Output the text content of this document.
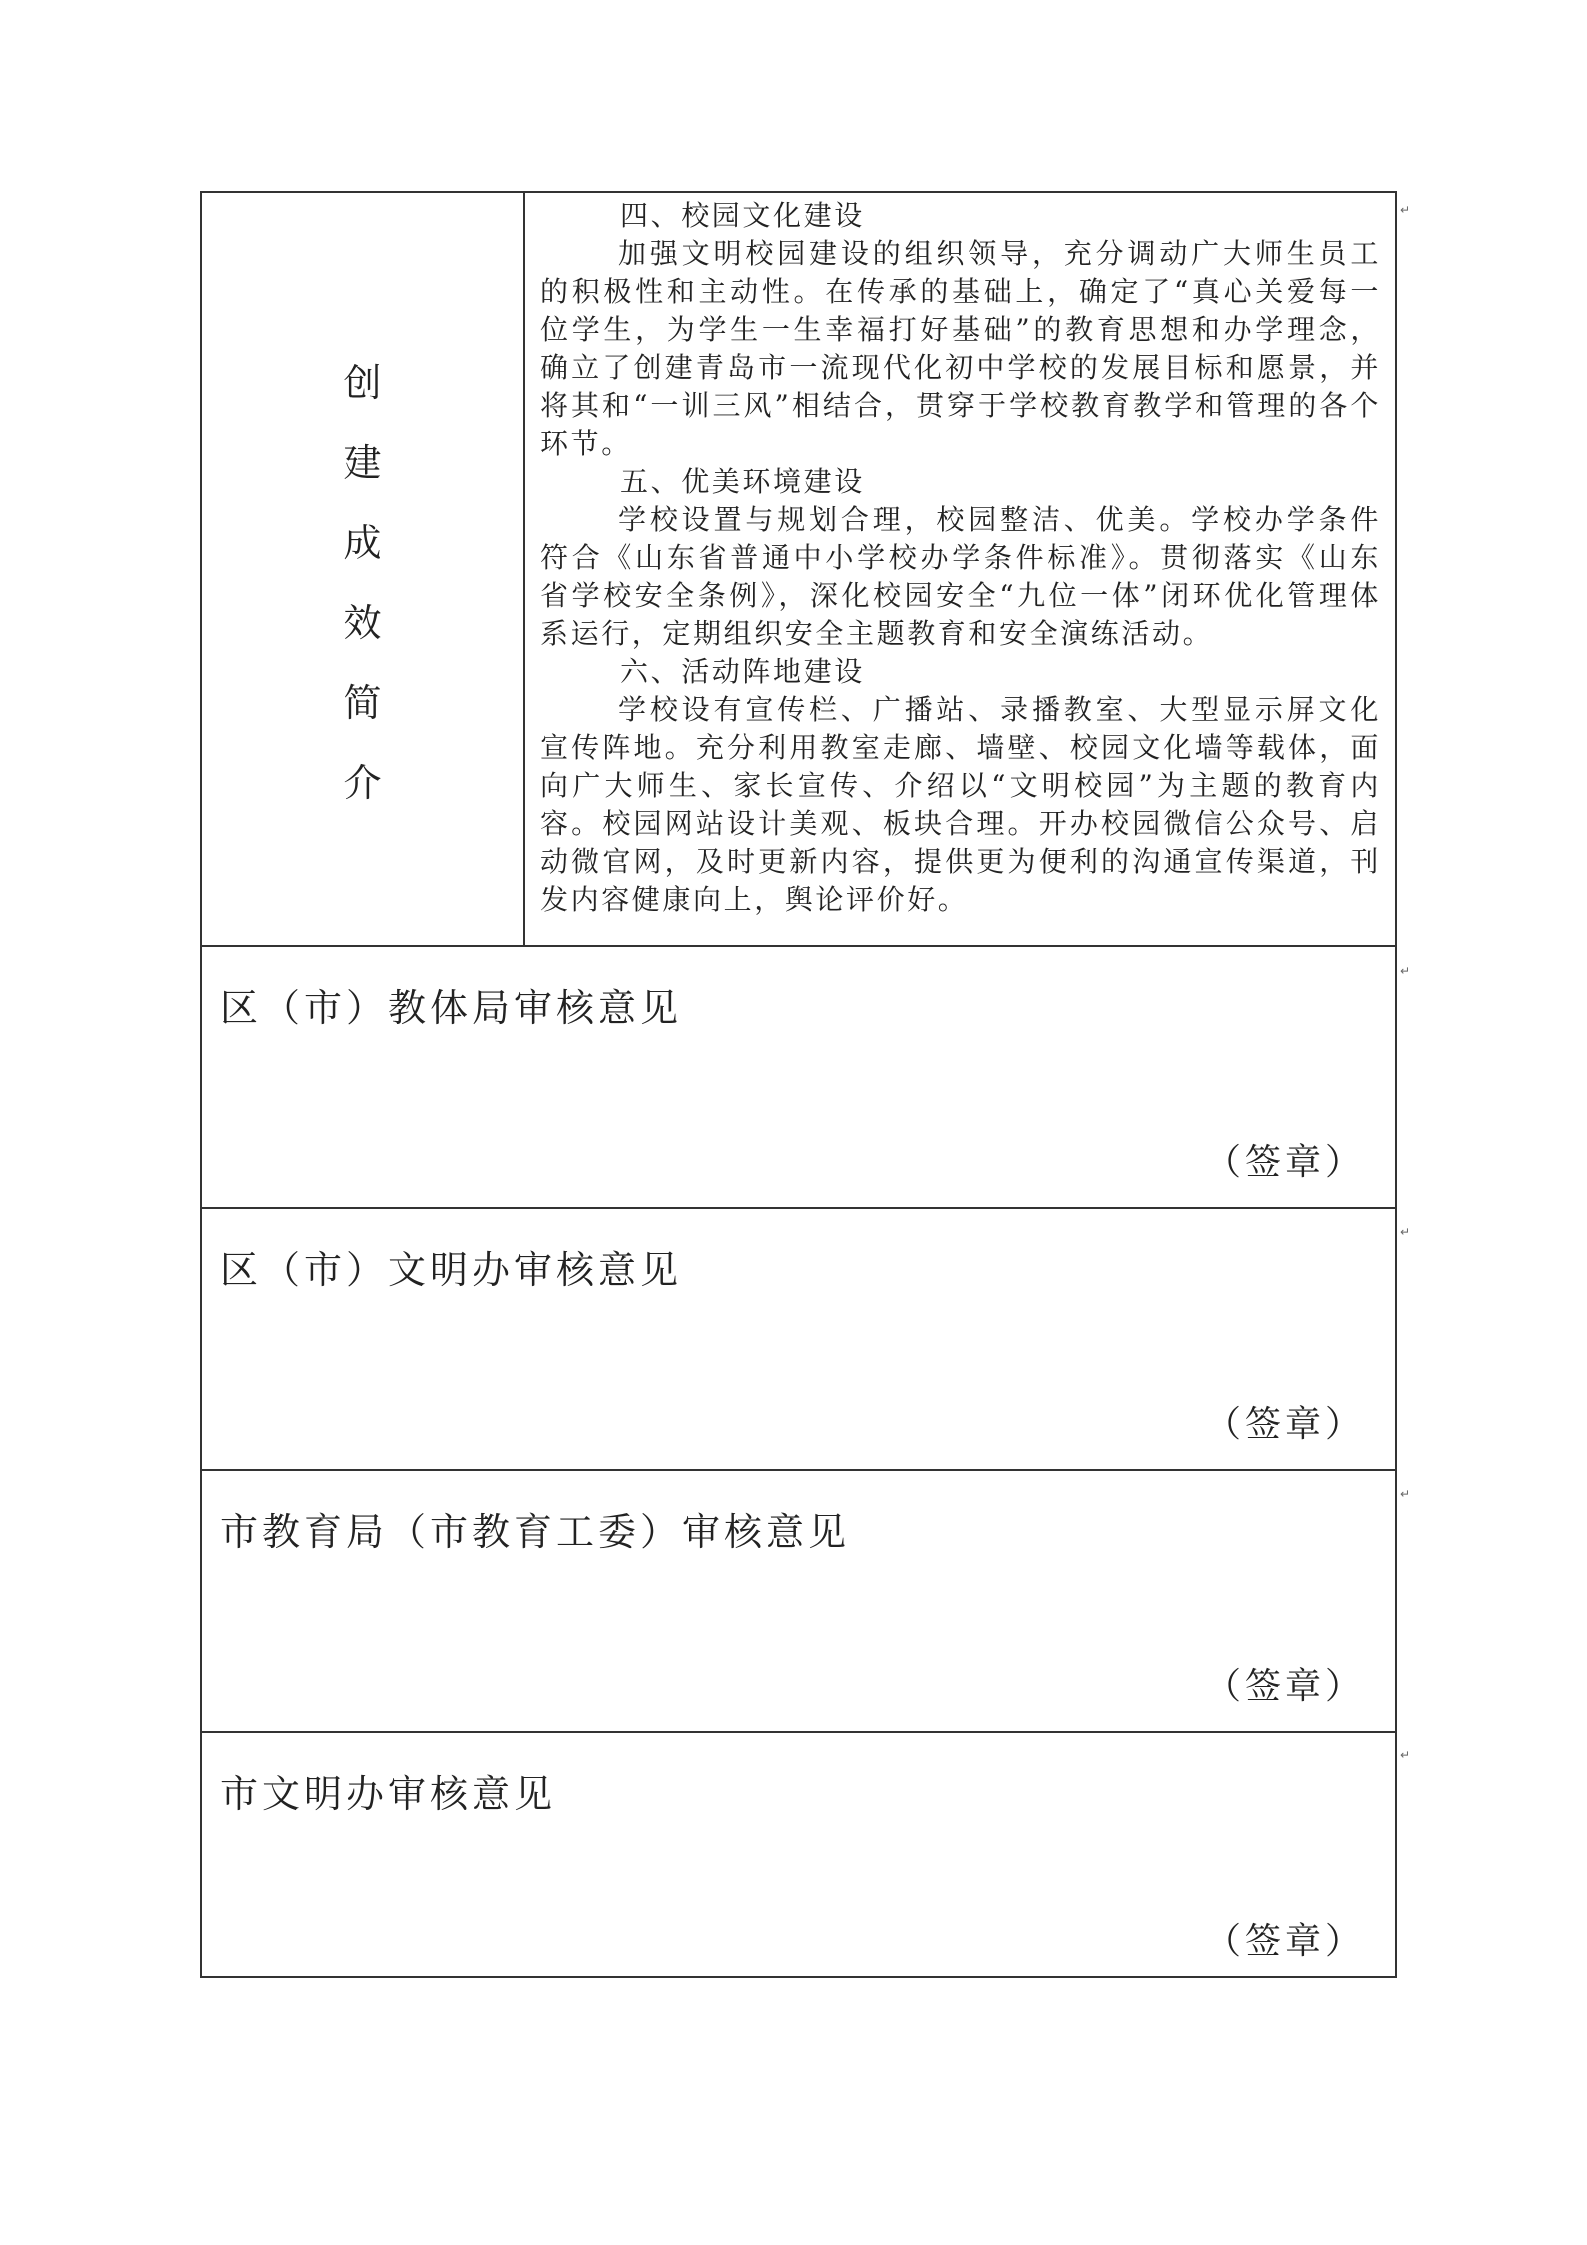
创
建
成
效
简
介

四、校园文化建设

加强文明校园建设的组织领导，充分调动广大师生员工的积极性和主动性。在传承的基础上，确定了“真心关爱每一位学生，为学生一生幸福打好基础”的教育思想和办学理念，确立了创建青岛市一流现代化初中学校的发展目标和愿景，并将其和“一训三风”相结合，贯穿于学校教育教学和管理的各个环节。

五、优美环境建设

学校设置与规划合理，校园整洁、优美。学校办学条件符合《山东省普通中小学校办学条件标准》。贯彻落实《山东省学校安全条例》，深化校园安全“九位一体”闭环优化管理体系运行，定期组织安全主题教育和安全演练活动。

六、活动阵地建设

学校设有宣传栏、广播站、录播教室、大型显示屏文化宣传阵地。充分利用教室走廊、墙壁、校园文化墙等载体，面向广大师生、家长宣传、介绍以“文明校园”为主题的教育内容。校园网站设计美观、板块合理。开办校园微信公众号、启动微官网，及时更新内容，提供更为便利的沟通宣传渠道，刊发内容健康向上，舆论评价好。

区（市）教体局审核意见
（签章）
区（市）文明办审核意见
（签章）
市教育局（市教育工委）审核意见
（签章）
市文明办审核意见
（签章）
↵
↵
↵
↵
↵
